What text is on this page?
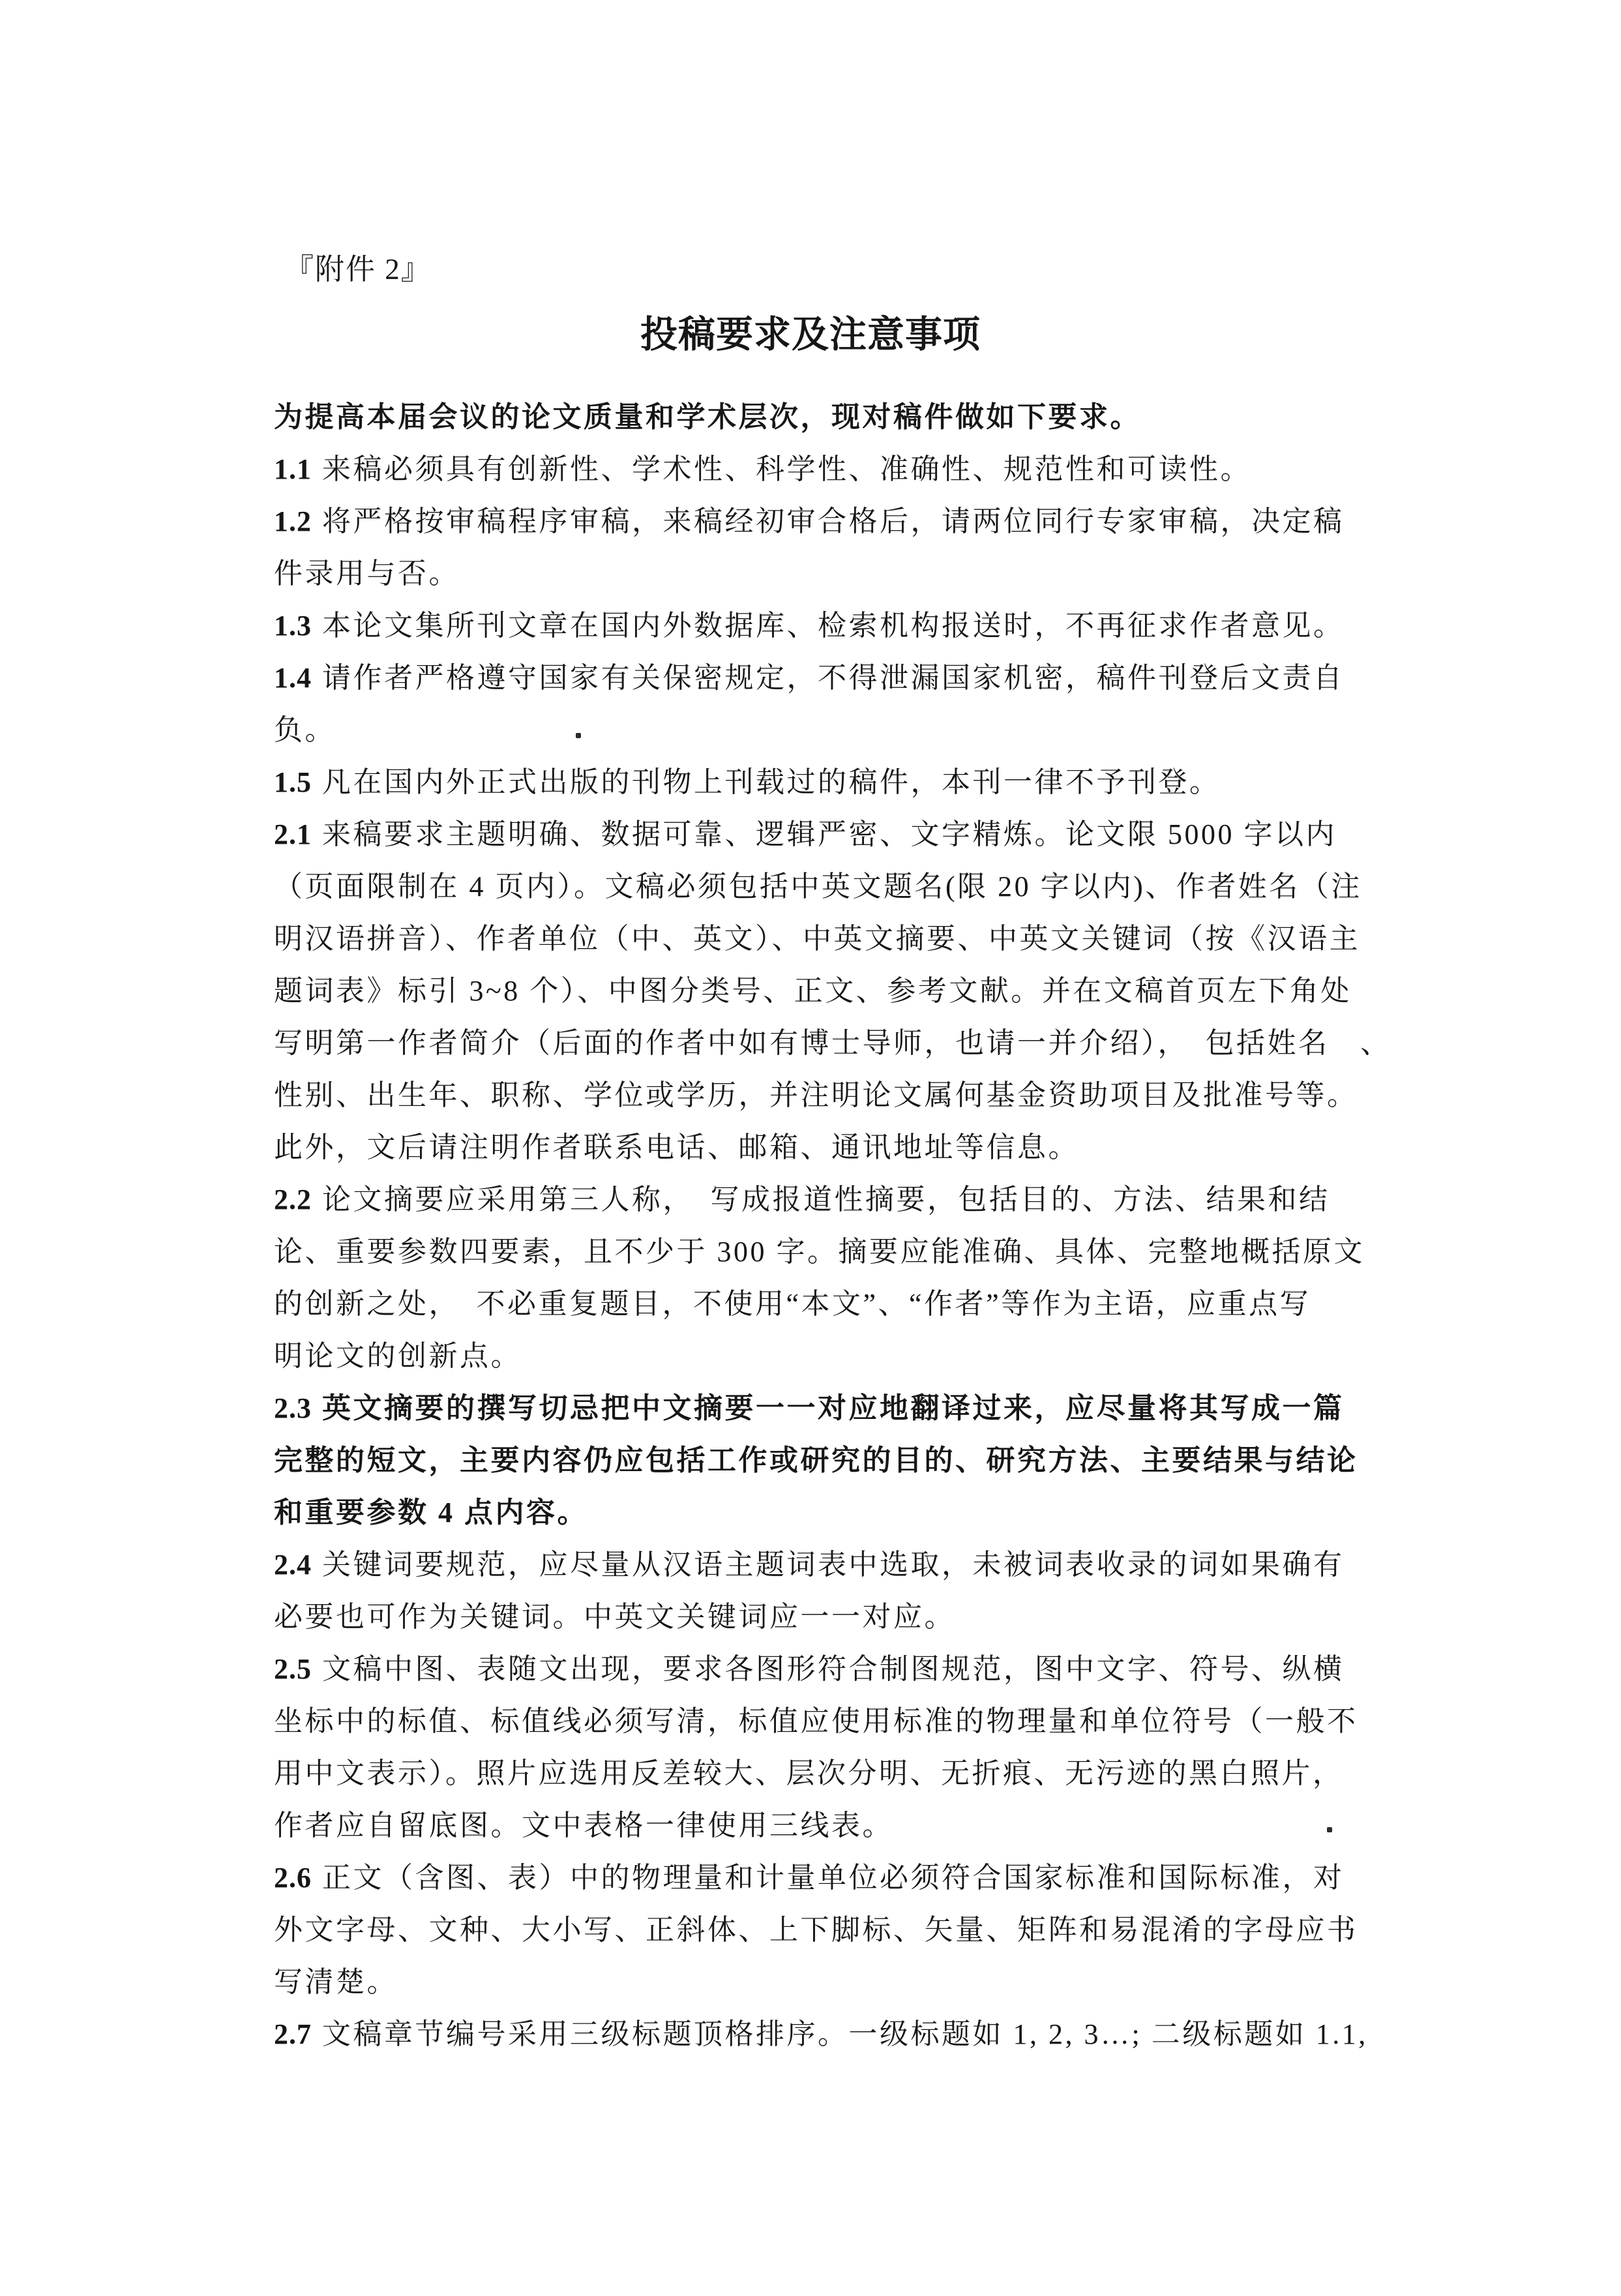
『附件 2』
投稿要求及注意事项
为提高本届会议的论文质量和学术层次，现对稿件做如下要求。
1.1 来稿必须具有创新性、学术性、科学性、准确性、规范性和可读性。
1.2 将严格按审稿程序审稿，来稿经初审合格后，请两位同行专家审稿，决定稿
件录用与否。
1.3 本论文集所刊文章在国内外数据库、检索机构报送时，不再征求作者意见。
1.4 请作者严格遵守国家有关保密规定，不得泄漏国家机密，稿件刊登后文责自
负。
1.5 凡在国内外正式出版的刊物上刊载过的稿件，本刊一律不予刊登。
2.1 来稿要求主题明确、数据可靠、逻辑严密、文字精炼。论文限 5000 字以内
（页面限制在 4 页内）。文稿必须包括中英文题名(限 20 字以内)、作者姓名（注
明汉语拼音）、作者单位（中、英文）、中英文摘要、中英文关键词（按《汉语主
题词表》标引 3~8 个）、中图分类号、正文、参考文献。并在文稿首页左下角处
写明第一作者简介（后面的作者中如有博士导师，也请一并介绍），　包括姓名　、
性别、出生年、职称、学位或学历，并注明论文属何基金资助项目及批准号等。
此外，文后请注明作者联系电话、邮箱、通讯地址等信息。
2.2 论文摘要应采用第三人称，　写成报道性摘要，包括目的、方法、结果和结
论、重要参数四要素，且不少于 300 字。摘要应能准确、具体、完整地概括原文
的创新之处，　不必重复题目，不使用“本文”、“作者”等作为主语，应重点写
明论文的创新点。
2.3 英文摘要的撰写切忌把中文摘要一一对应地翻译过来，应尽量将其写成一篇
完整的短文，主要内容仍应包括工作或研究的目的、研究方法、主要结果与结论
和重要参数 4 点内容。
2.4 关键词要规范，应尽量从汉语主题词表中选取，未被词表收录的词如果确有
必要也可作为关键词。中英文关键词应一一对应。
2.5 文稿中图、表随文出现，要求各图形符合制图规范，图中文字、符号、纵横
坐标中的标值、标值线必须写清，标值应使用标准的物理量和单位符号（一般不
用中文表示）。照片应选用反差较大、层次分明、无折痕、无污迹的黑白照片，
作者应自留底图。文中表格一律使用三线表。
2.6 正文（含图、表）中的物理量和计量单位必须符合国家标准和国际标准，对
外文字母、文种、大小写、正斜体、上下脚标、矢量、矩阵和易混淆的字母应书
写清楚。
2.7 文稿章节编号采用三级标题顶格排序。一级标题如 1, 2, 3…; 二级标题如 1.1,
